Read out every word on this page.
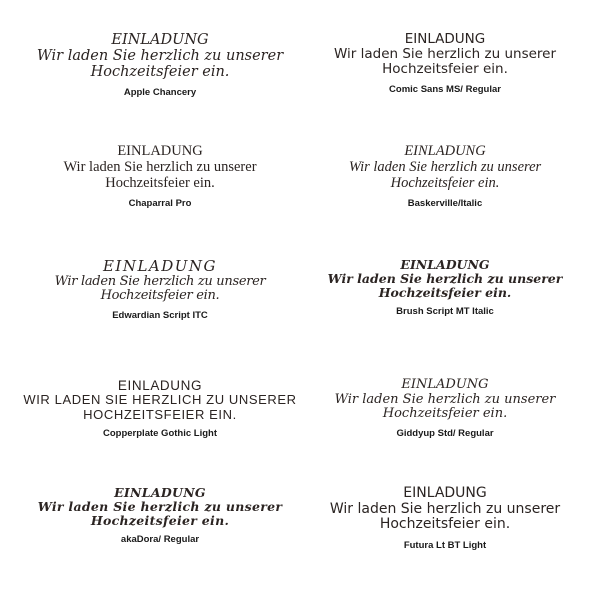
EINLADUNG
Wir laden Sie herzlich zu unserer
Hochzeitsfeier ein.
Apple Chancery
EINLADUNG
Wir laden Sie herzlich zu unserer
Hochzeitsfeier ein.
Comic Sans MS/ Regular
EINLADUNG
Wir laden Sie herzlich zu unserer
Hochzeitsfeier ein.
Chaparral Pro
EINLADUNG
Wir laden Sie herzlich zu unserer
Hochzeitsfeier ein.
Baskerville/Italic
EINLADUNG
Wir laden Sie herzlich zu unserer
Hochzeitsfeier ein.
Edwardian Script ITC
EINLADUNG
Wir laden Sie herzlich zu unserer
Hochzeitsfeier ein.
Brush Script MT Italic
EINLADUNG
WIR LADEN SIE HERZLICH ZU UNSERER
HOCHZEITSFEIER EIN.
Copperplate Gothic Light
EINLADUNG
Wir laden Sie herzlich zu unserer
Hochzeitsfeier ein.
Giddyup Std/ Regular
EINLADUNG
Wir laden Sie herzlich zu unserer
Hochzeitsfeier ein.
akaDora/ Regular
EINLADUNG
Wir laden Sie herzlich zu unserer
Hochzeitsfeier ein.
Futura Lt BT Light
